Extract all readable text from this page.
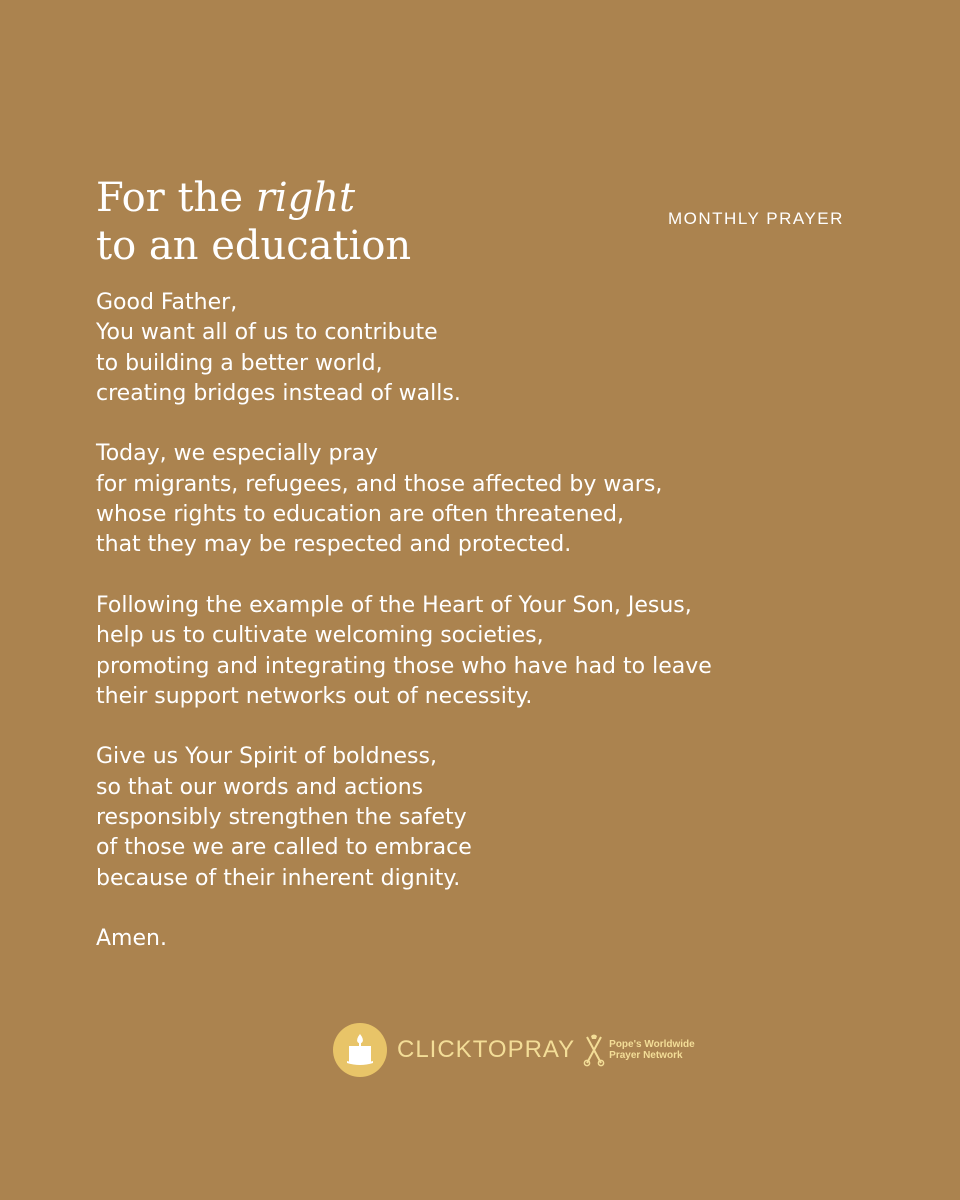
For the right
to an education
MONTHLY PRAYER

Good Father,
You want all of us to contribute
to building a better world,
creating bridges instead of walls.

Today, we especially pray
for migrants, refugees, and those affected by wars,
whose rights to education are often threatened,
that they may be respected and protected.

Following the example of the Heart of Your Son, Jesus,
help us to cultivate welcoming societies,
promoting and integrating those who have had to leave
their support networks out of necessity.

Give us Your Spirit of boldness,
so that our words and actions
responsibly strengthen the safety
of those we are called to embrace
because of their inherent dignity.

Amen.

CLICKTOPRAY	Pope's Worldwide
Prayer Network
